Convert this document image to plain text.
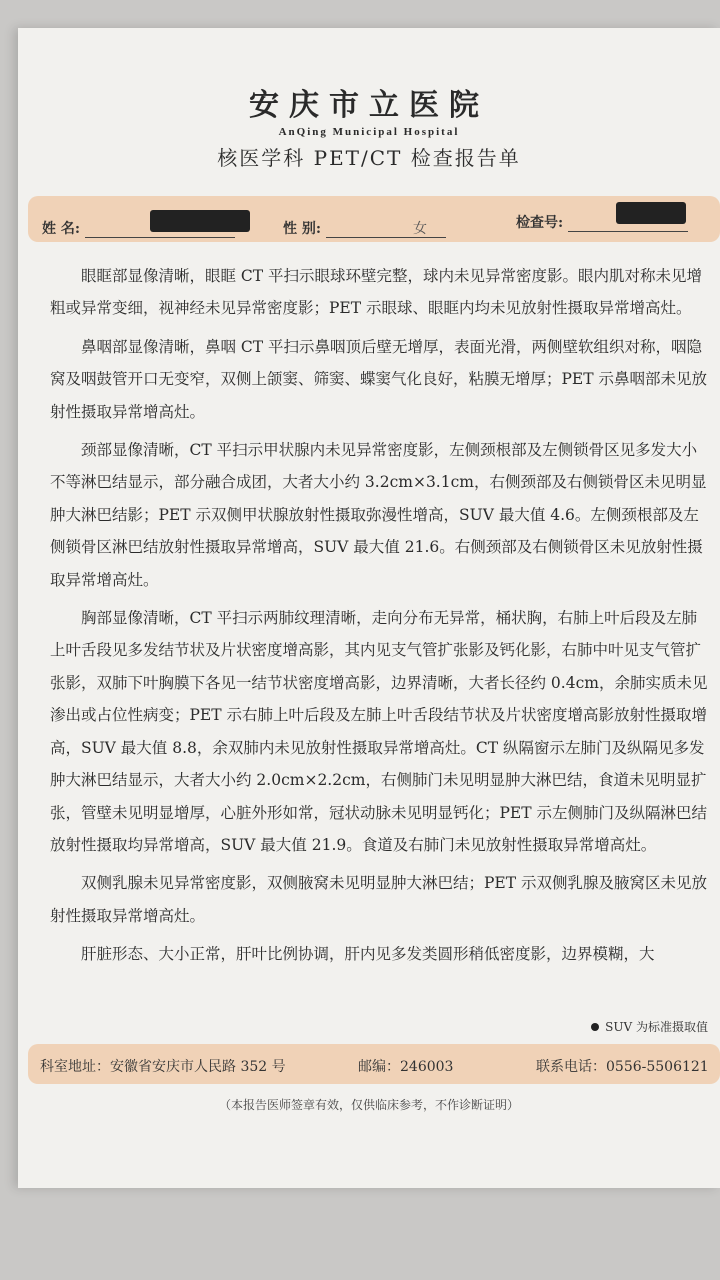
安庆市立医院
AnQing Municipal Hospital
核医学科 PET/CT 检查报告单
姓 名:	性 别:	女	检查号:

眼眶部显像清晰，眼眶 CT 平扫示眼球环壁完整，球内未见异常密度影。眼内肌对称未见增粗或异常变细，视神经未见异常密度影；PET 示眼球、眼眶内均未见放射性摄取异常增高灶。

鼻咽部显像清晰，鼻咽 CT 平扫示鼻咽顶后壁无增厚，表面光滑，两侧壁软组织对称，咽隐窝及咽鼓管开口无变窄，双侧上颌窦、筛窦、蝶窦气化良好，粘膜无增厚；PET 示鼻咽部未见放射性摄取异常增高灶。

颈部显像清晰，CT 平扫示甲状腺内未见异常密度影，左侧颈根部及左侧锁骨区见多发大小不等淋巴结显示，部分融合成团，大者大小约 3.2cm×3.1cm，右侧颈部及右侧锁骨区未见明显肿大淋巴结影；PET 示双侧甲状腺放射性摄取弥漫性增高，SUV 最大值 4.6。左侧颈根部及左侧锁骨区淋巴结放射性摄取异常增高，SUV 最大值 21.6。右侧颈部及右侧锁骨区未见放射性摄取异常增高灶。

胸部显像清晰，CT 平扫示两肺纹理清晰，走向分布无异常，桶状胸，右肺上叶后段及左肺上叶舌段见多发结节状及片状密度增高影，其内见支气管扩张影及钙化影，右肺中叶见支气管扩张影，双肺下叶胸膜下各见一结节状密度增高影，边界清晰，大者长径约 0.4cm，余肺实质未见渗出或占位性病变；PET 示右肺上叶后段及左肺上叶舌段结节状及片状密度增高影放射性摄取增高，SUV 最大值 8.8，余双肺内未见放射性摄取异常增高灶。CT 纵隔窗示左肺门及纵隔见多发肿大淋巴结显示，大者大小约 2.0cm×2.2cm，右侧肺门未见明显肿大淋巴结，食道未见明显扩张，管壁未见明显增厚，心脏外形如常，冠状动脉未见明显钙化；PET 示左侧肺门及纵隔淋巴结放射性摄取均异常增高，SUV 最大值 21.9。食道及右肺门未见放射性摄取异常增高灶。

双侧乳腺未见异常密度影，双侧腋窝未见明显肿大淋巴结；PET 示双侧乳腺及腋窝区未见放射性摄取异常增高灶。

肝脏形态、大小正常，肝叶比例协调，肝内见多发类圆形稍低密度影，边界模糊，大

SUV 为标准摄取值
科室地址：安徽省安庆市人民路 352 号	邮编：246003	联系电话：0556-5506121
（本报告医师签章有效，仅供临床参考，不作诊断证明）
